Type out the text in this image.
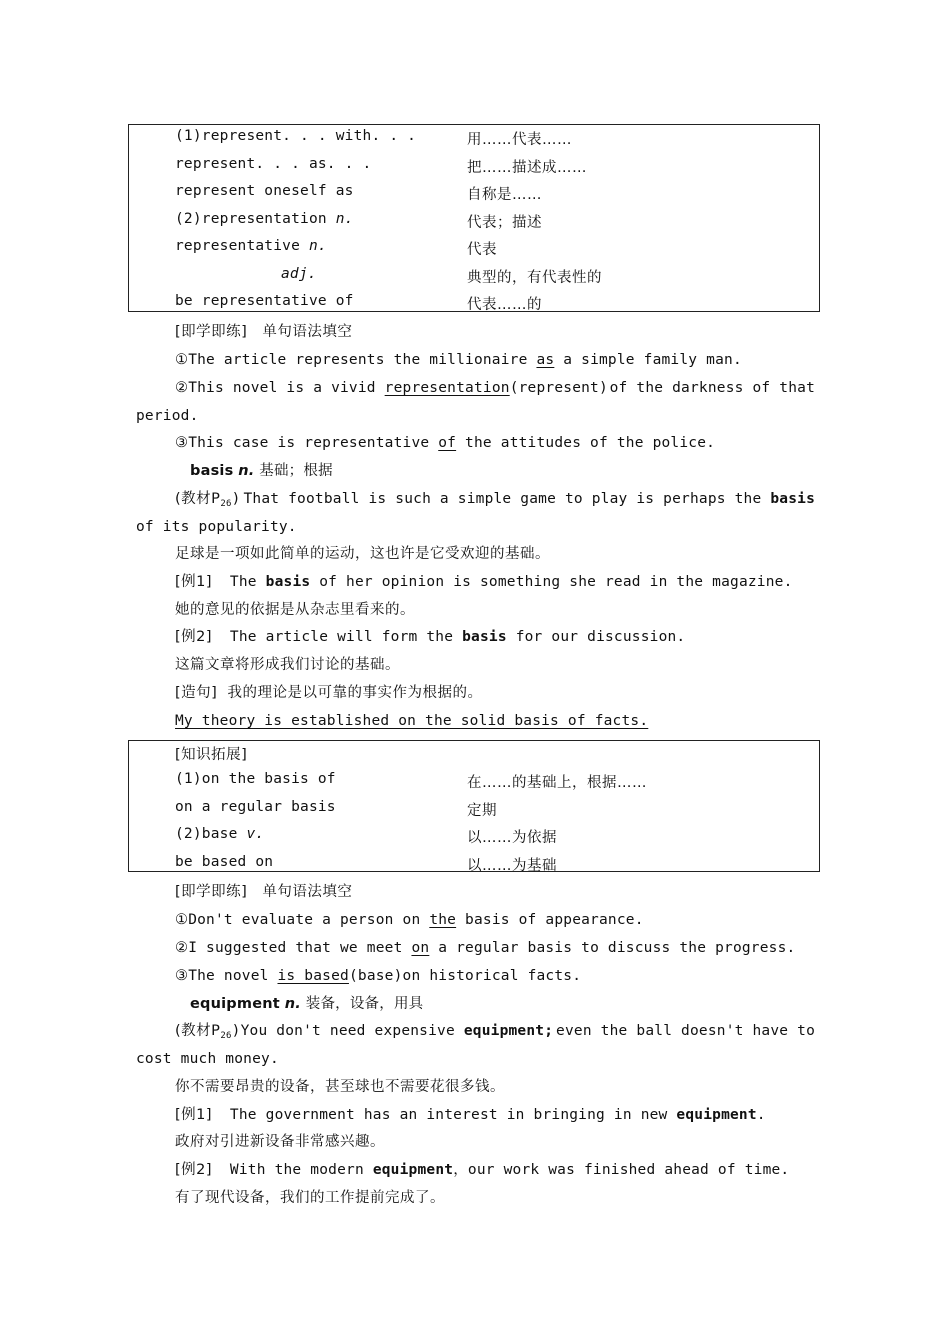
(1)represent. . . with. . .	用……代表……
represent. . . as. . .	把……描述成……
represent oneself as	自称是……
(2)representation n.	代表；描述
representative n.	代表
adj.	典型的，有代表性的
be representative of	代表……的
[即学即练]　单句语法填空
①The article represents the millionaire as a simple family man.
②This novel is a vivid representation(represent) of the darkness of that
period.
③This case is representative of the attitudes of the police.
basis n. 基础；根据
(教材$P_{26}$) That football is such a simple game to play is perhaps the basis
of its popularity.
足球是一项如此简单的运动，这也许是它受欢迎的基础。
[例1] The basis of her opinion is something she read in the magazine.
她的意见的依据是从杂志里看来的。
[例2] The article will form the basis for our discussion.
这篇文章将形成我们讨论的基础。
[造句] 我的理论是以可靠的事实作为根据的。
My theory is established on the solid basis of facts.
[知识拓展]
(1)on the basis of	在……的基础上，根据……
on a regular basis	定期
(2)base v.	以……为依据
be based on	以……为基础
[即学即练]　单句语法填空
①Don't evaluate a person on the basis of appearance.
②I suggested that we meet on a regular basis to discuss the progress.
③The novel is based(base)on historical facts.
equipment n. 装备，设备，用具
(教材$P_{26})You$ don't need expensive equipment; even the ball doesn't have to
cost much money.
你不需要昂贵的设备，甚至球也不需要花很多钱。
[例1] The government has an interest in bringing in new equipment.
政府对引进新设备非常感兴趣。
[例2] With the modern equipment，our work was finished ahead of time.
有了现代设备，我们的工作提前完成了。
